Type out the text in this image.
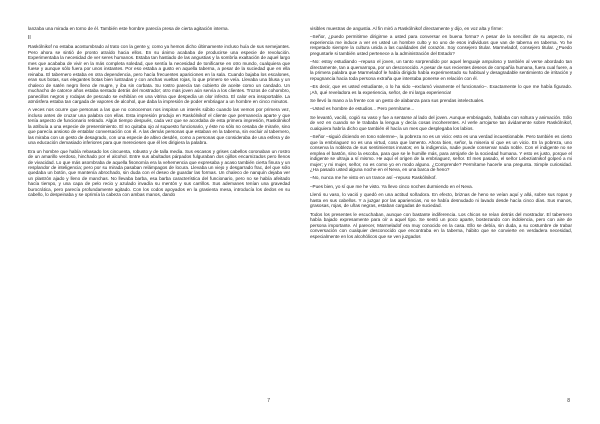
lanzaba una mirada en torno de él. También este hombre parecía presa de cierta agitación interna.

II

Raskólnikof no estaba acostumbrado al trato con la gente y, como ya hemos dicho últimamente incluso huía de sus semejantes. Pero ahora se sintió de pronto atraído hacia ellos. En su ánimo acababa de producirse una especie de revolución. Experimentaba la necesidad de ver seres humanos. Estaba tan hastiado de las angustias y la sombría exaltación de aquel largo mes que acababa de vivir en la más completa soledad, que sentía la necesidad de tonificarse en otro mundo, cualquiera que fuese y aunque sólo fuera por unos instantes. Por eso estaba a gusto en aquella taberna, a pesar de la suciedad que en ella reinaba. El tabernero estaba en otra dependencia, pero hacía frecuentes apariciones en la sala. Cuando bajaba los escalones, eran sus botas, sus elegantes botas bien lustradas y con anchas vueltas rojas, lo que primero se veía. Llevaba una blusa y un chaleco de satén negro lleno de mugre, y iba sin corbata. Su rostro parecía tan cubierto de aceite como un candado. Un muchacho de catorce años estaba sentado detrás del mostrador; otro más joven aún servía a los clientes. Trozos de cohombro, panecillos negros y rodajas de pescado se exhibían en una vitrina que despedía un olor infecto. El calor era insoportable. La atmósfera estaba tan cargada de vapores de alcohol, que daba la impresión de poder embriagar a un hombre en cinco minutos.

A veces nos ocurre que personas a las que no conocemos nos inspiran un interés súbito cuando las vemos por primera vez, incluso antes de cruzar una palabra con ellas. Esta impresión produjo en Raskólnikof el cliente que permanecía aparte y que tenía aspecto de funcionario retirado. Algún tiempo después, cada vez que se acordaba de esta primera impresión, Raskólnikof la atribuía a una especie de presentimiento. El no quitaba ojo al supuesto funcionario, y éste no sólo no cesaba de mirarle, sino que parecía ansioso de entablar conversación con él. A las demás personas que estaban en la taberna, sin excluir al tabernero, las miraba con un gesto de desagrado, con una especie de altivo desdén, como a personas que consideraba de una esfera y de una educación demasiado inferiores para que mereciesen que él les dirigiera la palabra.

Era un hombre que había rebasado los cincuenta, robusto y de talla media. Sus escasos y grises cabellos coronaban un rostro de un amarillo verdoso, hinchado por el alcohol. Entre sus abultados párpados fulguraban dos ojillos encarnizados pero llenos de vivacidad. Lo que más asombraba de aquella fisonomía era la vehemencia que expresaba y acaso también cierta finura y un resplandor de inteligencia; pero por su mirada pasaban relámpagos de locura. Llevaba un viejo y desgarrado frac, del que sólo quedaba un botón, que mantenía abrochado, sin duda con el deseo de guardar las formas. Un chaleco de nanquín dejaba ver un plastrón ajado y lleno de manchas. No llevaba barba, esa barba característica del funcionario, pero no se había afeitado hacía tiempo, y una capa de pelo recio y azulado invadía su mentón y sus carrillos. Sus ademanes tenían una gravedad burocrática, pero parecía profundamente agitado. Con los codos apoyados en la grasienta mesa, introducía los dedos en su cabello, lo despeinaba y se oprimía la cabeza con ambas manos, dando

7

visibles muestras de angustia. Al fin miró a Raskólnikof directamente y dijo, en voz alta y firme:

–Señor, ¿puedo permitirme dirigirme a usted para conversar en buena forma? A pesar de la sencillez de su aspecto, mi experiencia me induce a ver en usted un hombre culto y no uno de esos individuos que van de taberna en taberna. Yo he respetado siempre la cultura unida a las cualidades del corazón. Soy consejero titular. Marmeladof, consejero titular. ¿Puedo preguntarle si también usted pertenece a la administración del Estado?

–No: estoy estudiando –repuso el joven, un tanto sorprendido por aquel lenguaje ampuloso y también al verse abordado tan directamente, tan a quemarropa, por un desconocido. A pesar de sus recientes deseos de compañía humana, fuera cual fuere, a la primera palabra que Marmeladof le había dirigido había experimentado su habitual y desagradable sentimiento de irritación y repugnancia hacia toda persona extraña que intentaba ponerse en relación con él.

–Es decir, que es usted estudiante, o lo ha sido –exclamó vivamente el funcionario–. Exactamente lo que me había figurado. ¡Ah, qué reveladora es la experiencia, señor, de mi larga experiencia!

Se llevó la mano a la frente con un gesto de alabanza para sus prendas intelectuales.

–Usted es hombre de estudios... Pero permítame...

Se levantó, vaciló, cogió su vaso y fue a sentarse al lado del joven. Aunque embriagado, hablaba con soltura y animación. Sólo de vez en cuando se le trababa la lengua y decía cosas incoherentes. Al verle arrojarse tan ávidamente sobre Raskólnikof, cualquiera habría dicho que también él hacía un mes que desplegaba los labios.

–Señor –siguió diciendo en tono solemne–, la pobreza no es un vicio: esto es una verdad incuestionable. Pero también es cierto que la embriaguez no es una virtud, cosa que lamento. Ahora bien, señor, la miseria sí que es un vicio. En la pobreza, uno conserva la nobleza de sus sentimientos innatos; en la indigencia, nadie puede conservar nada noble. Con el indigente no se emplea el bastón, sino la escoba, para que se le humille más, para arrojarle de la sociedad humana. Y esto es justo, porque el indigente se ultraja a sí mismo. He aquí el origen de la embriaguez, señor. El mes pasado, el señor Lebeziatnikof golpeó a mi mujer; y mi mujer, señor, no es como yo en modo alguno. ¿Comprende? Permítame hacerle una pregunta. Simple curiosidad. ¿Ha pasado usted alguna noche en el Neva, en una barca de heno?

–No, nunca me he visto en un trance así –repuso Raskólnikof.

–Pues bien, yo sí que me he visto. Ya llevo cinco noches durmiendo en el Neva.

Llenó su vaso, lo vació y quedó en una actitud soñadora. En efecto, briznas de heno se veían aquí y allá, sobre sus ropas y hasta en sus cabellos. Y a juzgar por las apariencias, no se había desnudado ni lavado desde hacía cinco días. Sus manos, grasosas, rojas, de uñas negras, estaban cargadas de suciedad.

Todos los presentes le escuchaban, aunque con bastante indiferencia. Los chicos se reían detrás del mostrador. El tabernero había bajado expresamente para oír a aquel tipo. Se sentó un poco aparte, bostezando con indolencia, pero con aire de persona importante. Al parecer, Marmeladof era muy conocido en la casa. Ello se debía, sin duda, a su costumbre de trabar conversación con cualquier desconocido que encontraba en la taberna, hábito que se convierte en verdadera necesidad, especialmente en los alcohólicos que se ven juzgados

8
